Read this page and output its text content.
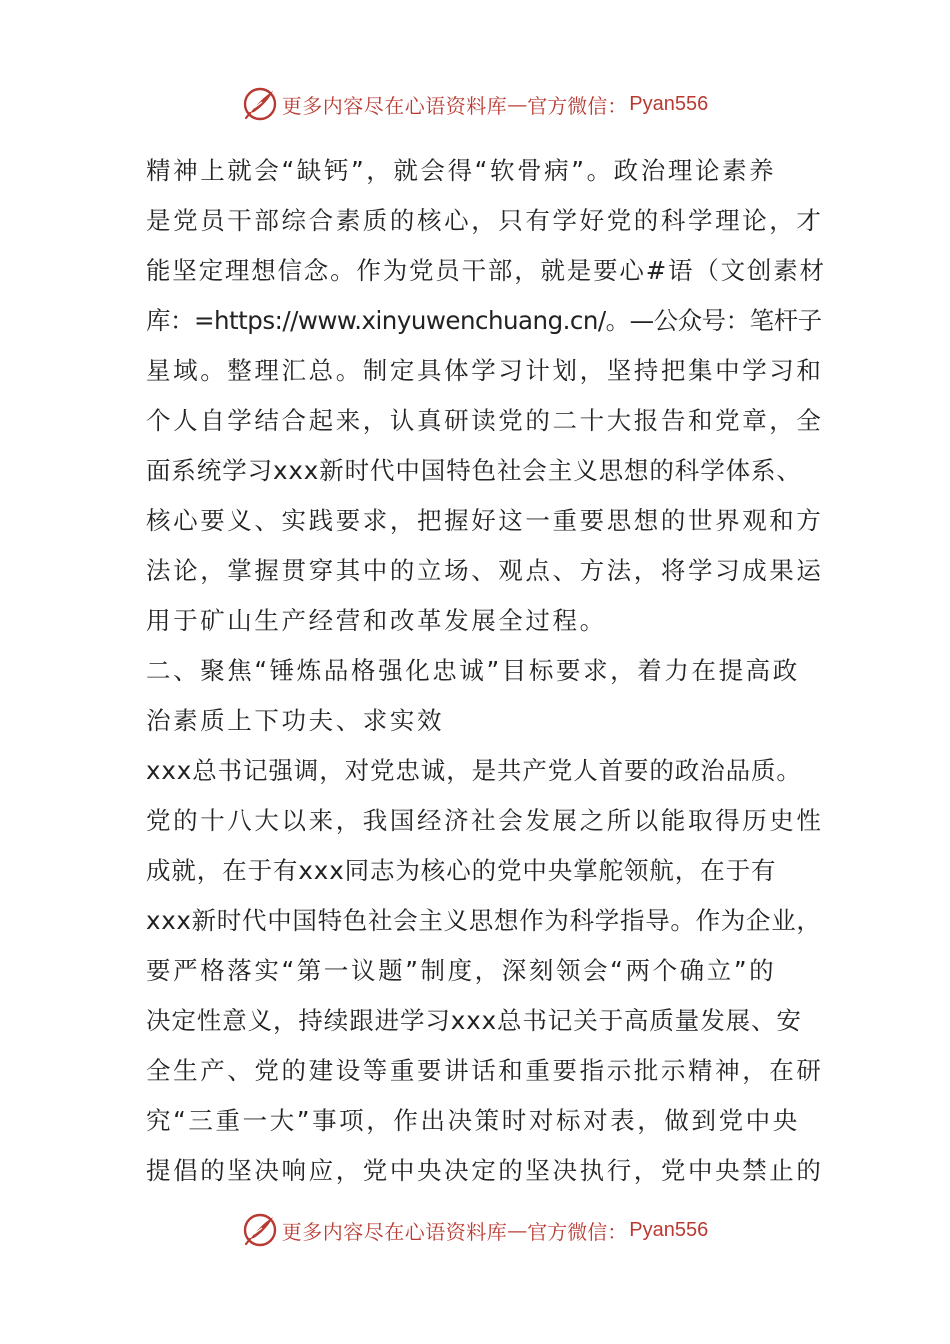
更多内容尽在心语资料库 — 官方微信： Pyan556
精神上就会“缺钙”，就会得“软骨病”。政治理论素养
是党员干部综合素质的核心，只有学好党的科学理论，才
能坚定理想信念。作为党员干部，就是要心#语（文创素材
库：=https://www.xinyuwenchuang.cn/。—公众号：笔杆子
星域。整理汇总。制定具体学习计划，坚持把集中学习和
个人自学结合起来，认真研读党的二十大报告和党章，全
面系统学习xxx新时代中国特色社会主义思想的科学体系、
核心要义、实践要求，把握好这一重要思想的世界观和方
法论，掌握贯穿其中的立场、观点、方法，将学习成果运
用于矿山生产经营和改革发展全过程。
二、聚焦“锤炼品格强化忠诚”目标要求，着力在提高政
治素质上下功夫、求实效
xxx总书记强调，对党忠诚，是共产党人首要的政治品质。
党的十八大以来，我国经济社会发展之所以能取得历史性
成就，在于有xxx同志为核心的党中央掌舵领航，在于有
xxx新时代中国特色社会主义思想作为科学指导。作为企业，
要严格落实“第一议题”制度，深刻领会“两个确立”的
决定性意义，持续跟进学习xxx总书记关于高质量发展、安
全生产、党的建设等重要讲话和重要指示批示精神，在研
究“三重一大”事项，作出决策时对标对表，做到党中央
提倡的坚决响应，党中央决定的坚决执行，党中央禁止的
更多内容尽在心语资料库 — 官方微信： Pyan556
